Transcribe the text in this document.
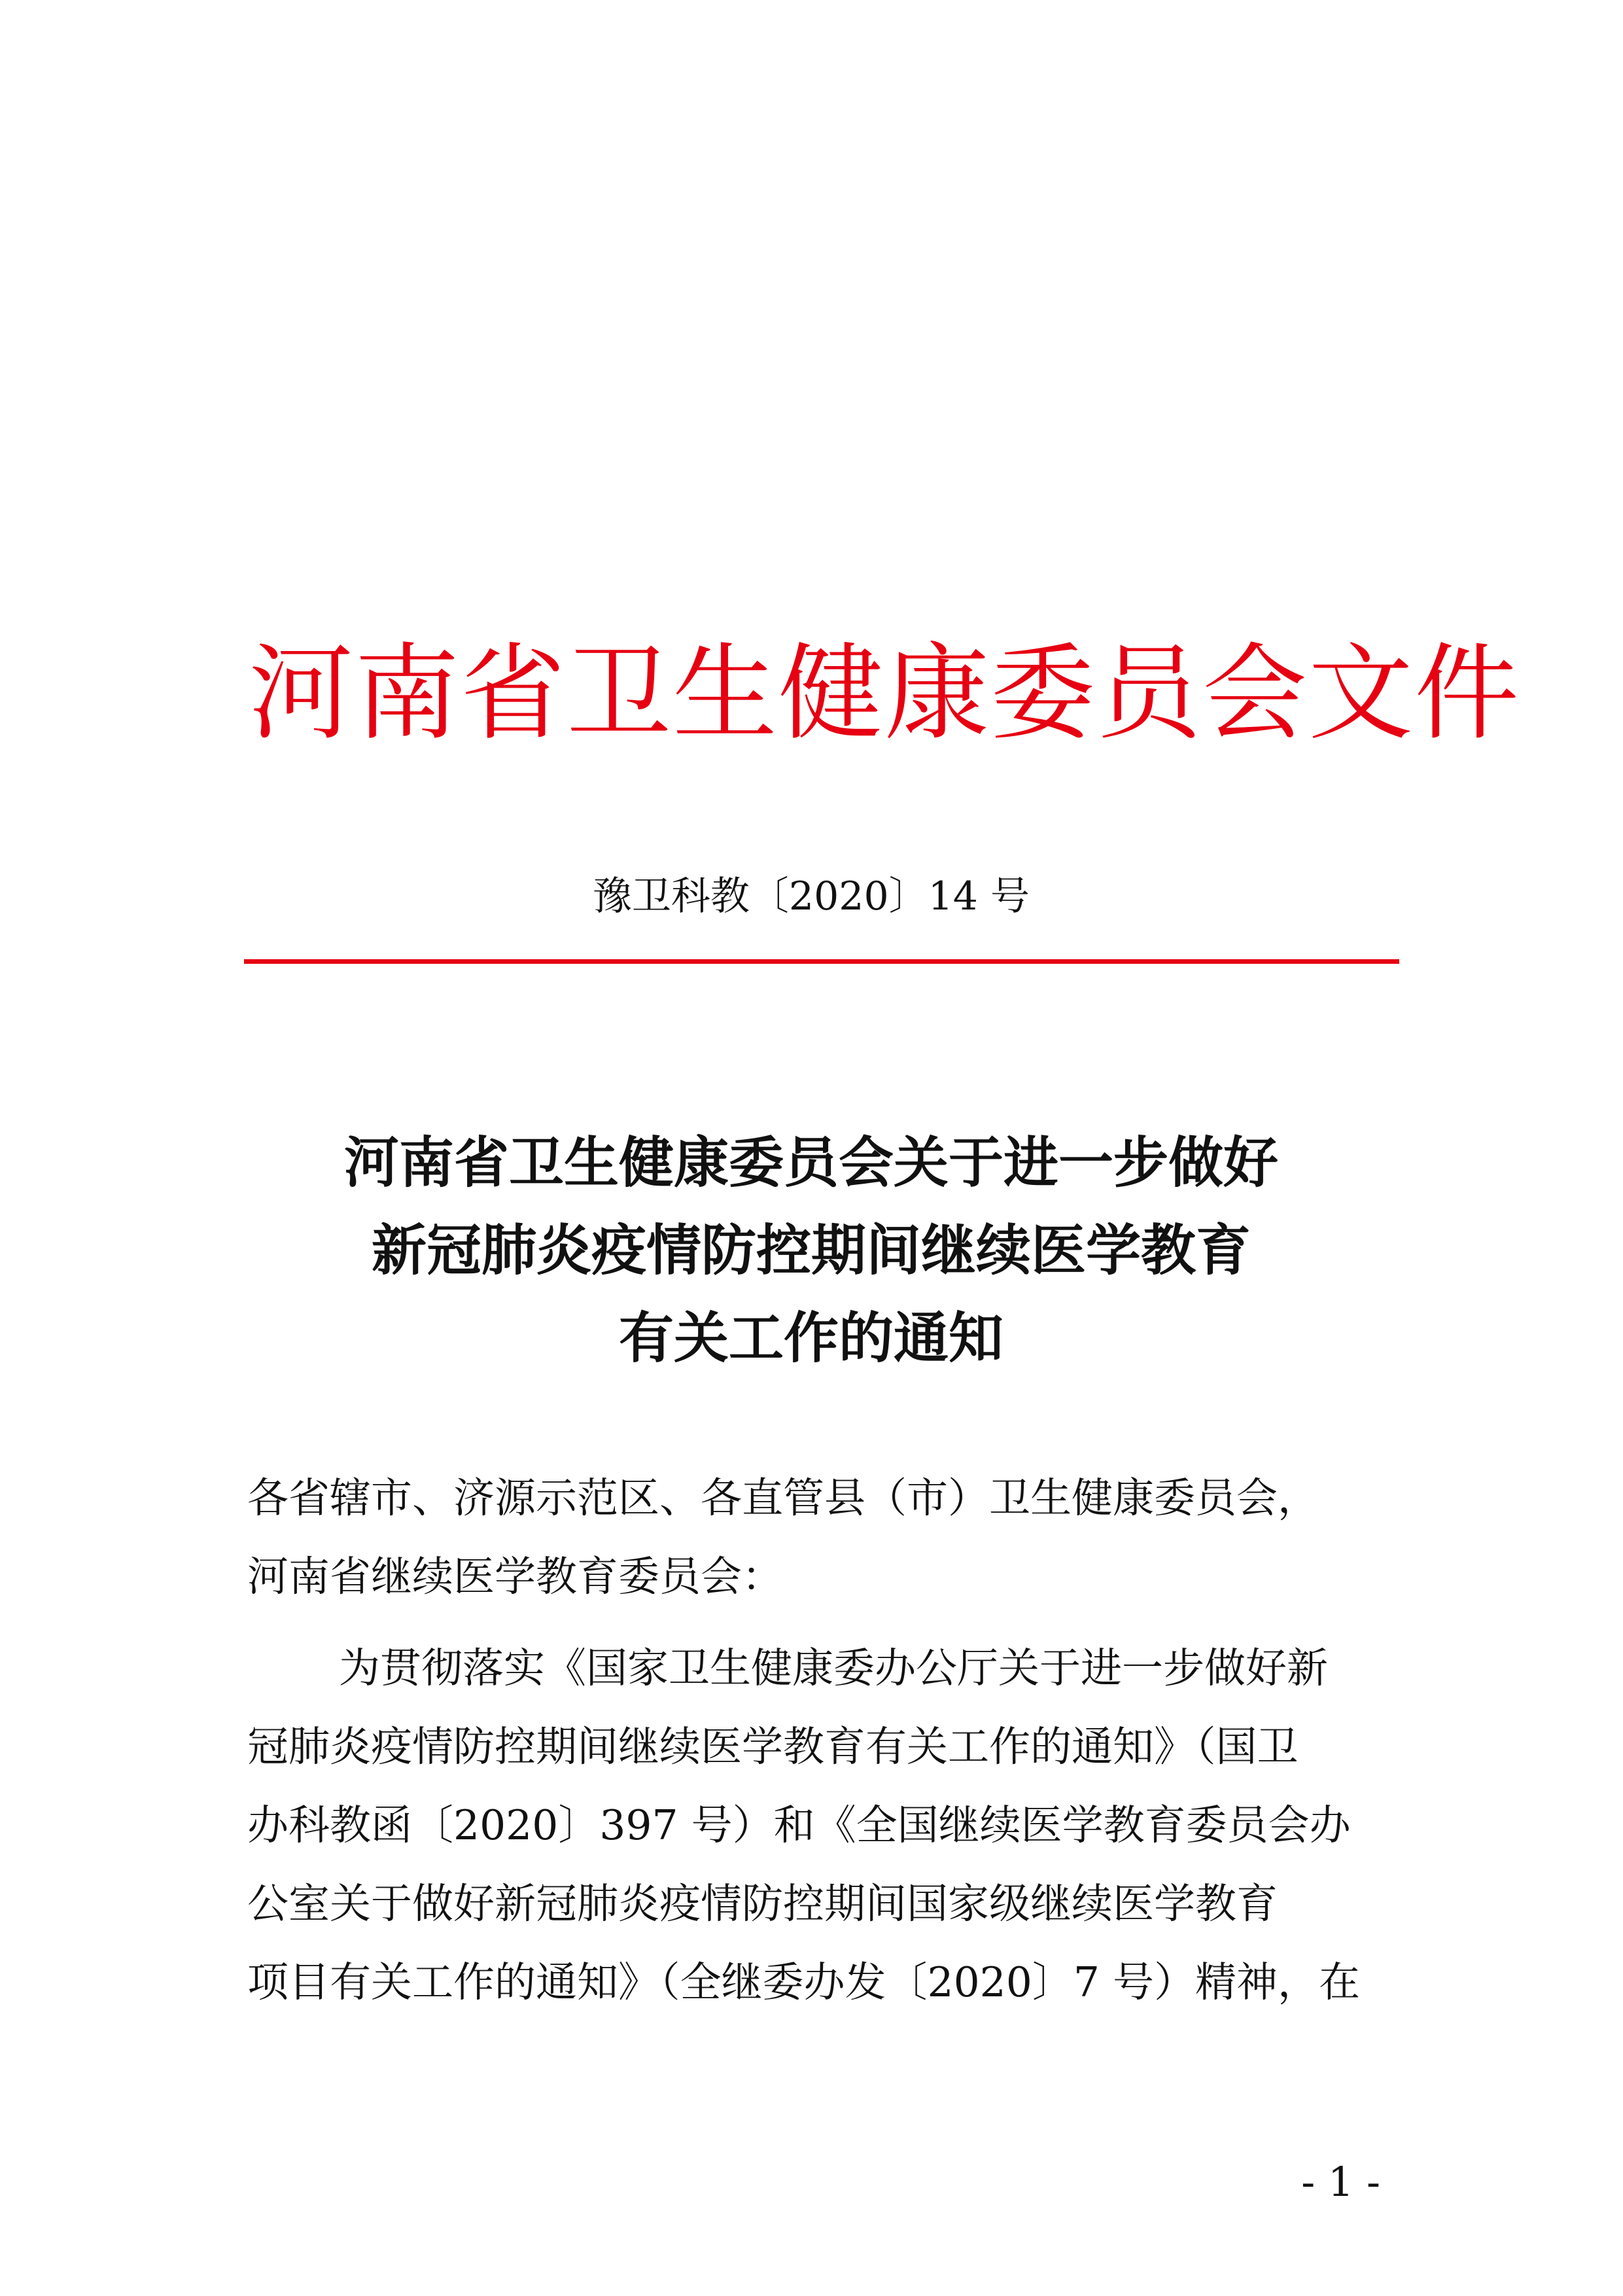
河南省卫生健康委员会文件
豫卫科教〔2020〕14 号
河南省卫生健康委员会关于进一步做好
新冠肺炎疫情防控期间继续医学教育
有关工作的通知
各省辖市、济源示范区、各直管县（市）卫生健康委员会，
河南省继续医学教育委员会：
为贯彻落实《国家卫生健康委办公厅关于进一步做好新
冠肺炎疫情防控期间继续医学教育有关工作的通知》（国卫
办科教函〔2020〕397 号）和《全国继续医学教育委员会办
公室关于做好新冠肺炎疫情防控期间国家级继续医学教育
项目有关工作的通知》（全继委办发〔2020〕7 号）精神，在
- 1 -
